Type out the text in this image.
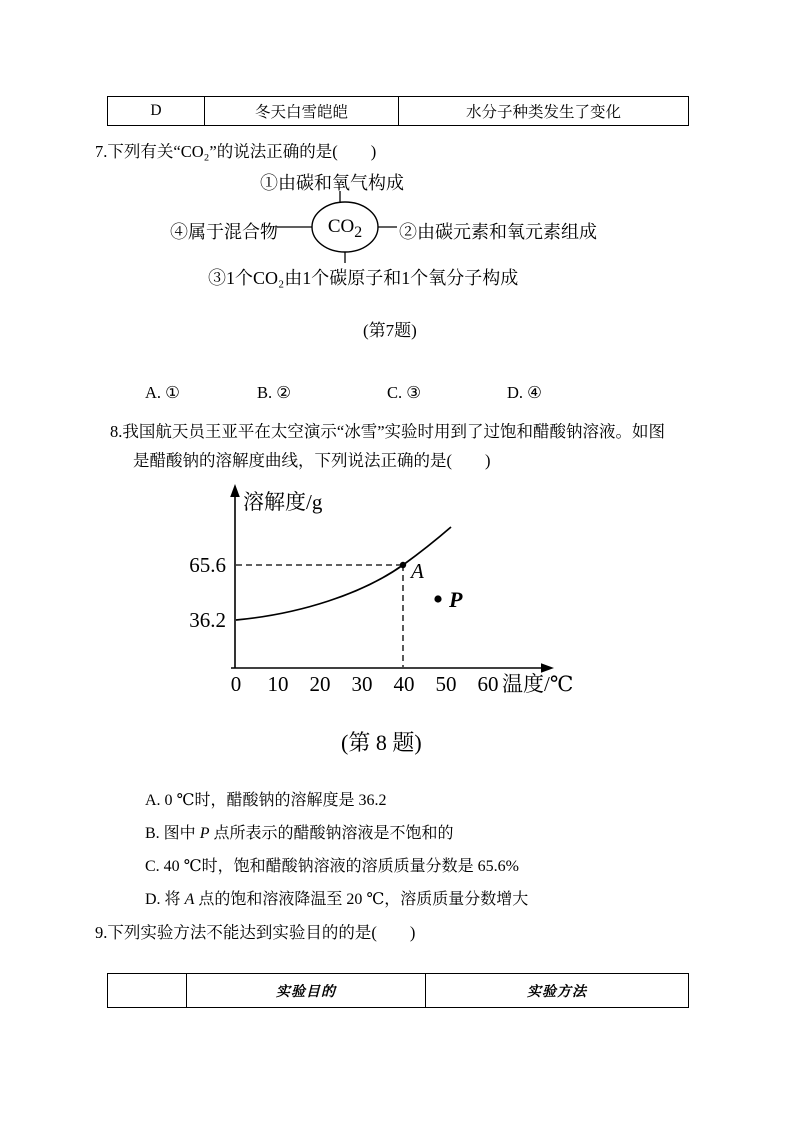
D	冬天白雪皑皑	水分子种类发生了变化
7.下列有关“CO₂”的说法正确的是(　　)
$CO_2$
①由碳和氧气构成
④属于混合物	②由碳元素和氧元素组成
③1个CO₂由1个碳原子和1个氧分子构成
(第7题)
A. ①	B. ②	C. ③	D. ④
8.我国航天员王亚平在太空演示“冰雪”实验时用到了过饱和醋酸钠溶液。如图
是醋酸钠的溶解度曲线，下列说法正确的是(　　)
A
P
溶解度/g
温度/℃
65.6
36.2
0 10 20 30 40 50 60
(第 8 题)
A. 0 ℃时，醋酸钠的溶解度是 36.2
B. 图中 P 点所表示的醋酸钠溶液是不饱和的
C. 40 ℃时，饱和醋酸钠溶液的溶质质量分数是 65.6%
D. 将 A 点的饱和溶液降温至 20 ℃，溶质质量分数增大
9.下列实验方法不能达到实验目的的是(　　)
	实验目的	实验方法
